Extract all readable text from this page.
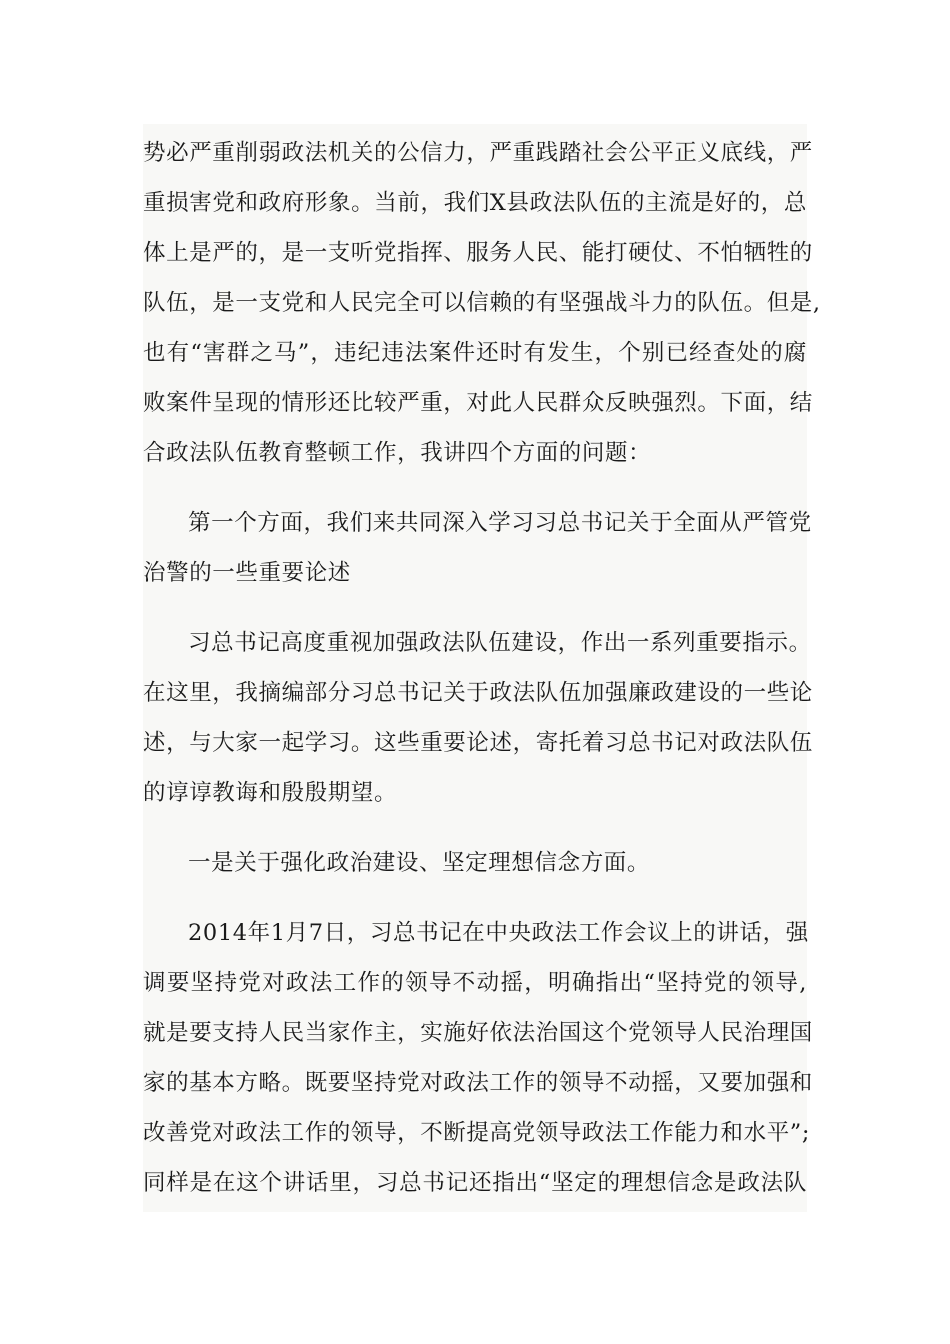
势必严重削弱政法机关的公信力，严重践踏社会公平正义底线，严
重损害党和政府形象。当前，我们X县政法队伍的主流是好的，总
体上是严的，是一支听党指挥、服务人民、能打硬仗、不怕牺牲的
队伍，是一支党和人民完全可以信赖的有坚强战斗力的队伍。但是,
也有“害群之马”，违纪违法案件还时有发生，个别已经查处的腐
败案件呈现的情形还比较严重，对此人民群众反映强烈。下面，结
合政法队伍教育整顿工作，我讲四个方面的问题：
第一个方面，我们来共同深入学习习总书记关于全面从严管党
治警的一些重要论述
习总书记高度重视加强政法队伍建设，作出一系列重要指示。
在这里，我摘编部分习总书记关于政法队伍加强廉政建设的一些论
述，与大家一起学习。这些重要论述，寄托着习总书记对政法队伍
的谆谆教诲和殷殷期望。
一是关于强化政治建设、坚定理想信念方面。
2014年1月7日，习总书记在中央政法工作会议上的讲话，强
调要坚持党对政法工作的领导不动摇，明确指出“坚持党的领导,
就是要支持人民当家作主，实施好依法治国这个党领导人民治理国
家的基本方略。既要坚持党对政法工作的领导不动摇，又要加强和
改善党对政法工作的领导，不断提高党领导政法工作能力和水平”;
同样是在这个讲话里，习总书记还指出“坚定的理想信念是政法队
